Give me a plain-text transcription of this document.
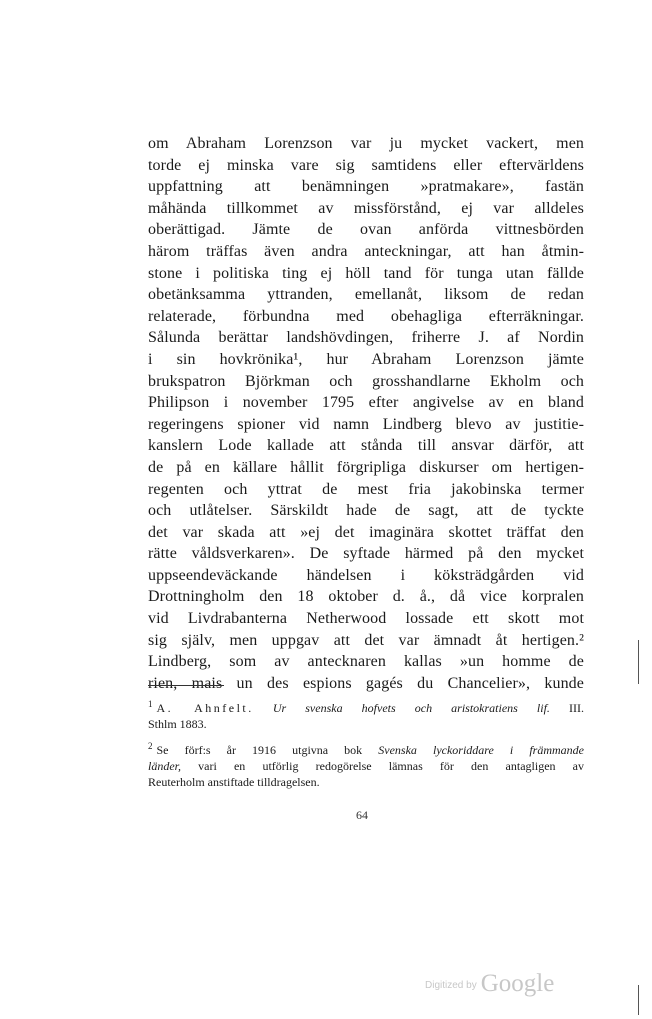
om Abraham Lorenzson var ju mycket vackert, men
torde ej minska vare sig samtidens eller eftervärldens
uppfattning att benämningen »pratmakare», fastän
måhända tillkommet av missförstånd, ej var alldeles
oberättigad. Jämte de ovan anförda vittnesbörden
härom träffas även andra anteckningar, att han åtmin-
stone i politiska ting ej höll tand för tunga utan fällde
obetänksamma yttranden, emellanåt, liksom de redan
relaterade, förbundna med obehagliga efterräkningar.
Sålunda berättar landshövdingen, friherre J. af Nordin
i sin hovkrönika¹, hur Abraham Lorenzson jämte
brukspatron Björkman och grosshandlarne Ekholm och
Philipson i november 1795 efter angivelse av en bland
regeringens spioner vid namn Lindberg blevo av justitie-
kanslern Lode kallade att stånda till ansvar därför, att
de på en källare hållit förgripliga diskurser om hertigen-
regenten och yttrat de mest fria jakobinska termer
och utlåtelser. Särskildt hade de sagt, att de tyckte
det var skada att »ej det imaginära skottet träffat den
rätte våldsverkaren». De syftade härmed på den mycket
uppseendeväckande händelsen i köksträdgården vid
Drottningholm den 18 oktober d. å., då vice korpralen
vid Livdrabanterna Netherwood lossade ett skott mot
sig själv, men uppgav att det var ämnadt åt hertigen.²
Lindberg, som av antecknaren kallas »un homme de
rien, mais un des espions gagés du Chancelier», kunde
$^1$ A. Ahnfelt. Ur svenska hofvets och aristokratiens lif. III.
Sthlm 1883.
$^2$ Se förf:s år 1916 utgivna bok Svenska lyckoriddare i främmande
länder, vari en utförlig redogörelse lämnas för den antagligen av
Reuterholm anstiftade tilldragelsen.
64
Digitized by Google
